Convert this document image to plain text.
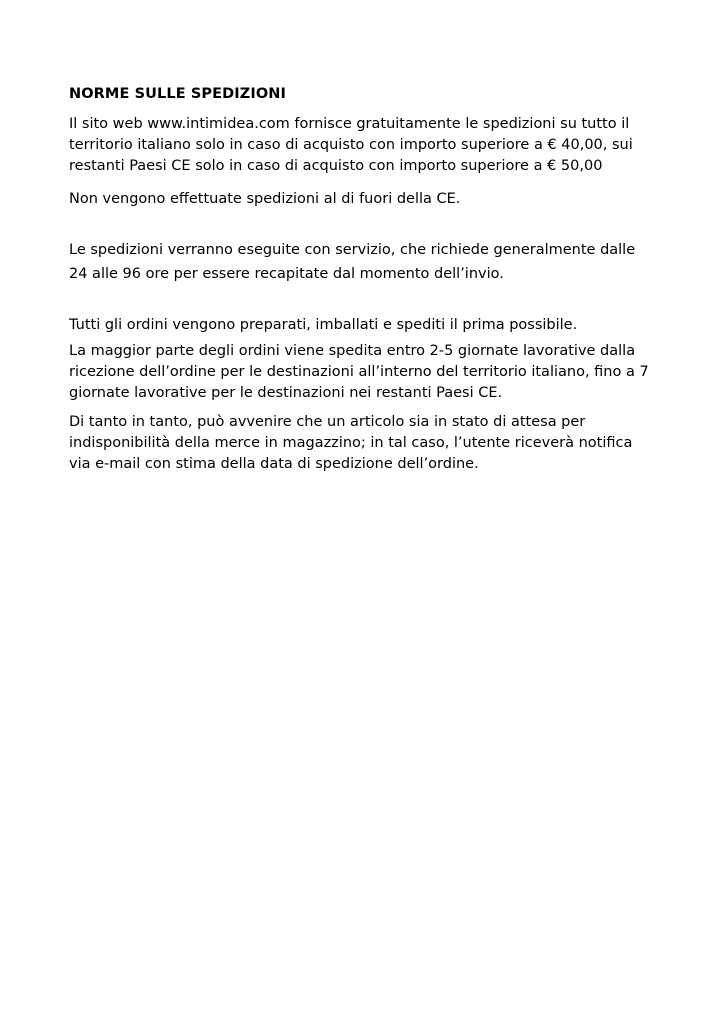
NORME SULLE SPEDIZIONI

Il sito web www.intimidea.com fornisce gratuitamente le spedizioni su tutto il
territorio italiano solo in caso di acquisto con importo superiore a € 40,00, sui
restanti Paesi CE solo in caso di acquisto con importo superiore a € 50,00

Non vengono effettuate spedizioni al di fuori della CE.

Le spedizioni verranno eseguite con servizio, che richiede generalmente dalle

24 alle 96 ore per essere recapitate dal momento dell’invio.

Tutti gli ordini vengono preparati, imballati e spediti il prima possibile.

La maggior parte degli ordini viene spedita entro 2-5 giornate lavorative dalla
ricezione dell’ordine per le destinazioni all’interno del territorio italiano, fino a 7
giornate lavorative per le destinazioni nei restanti Paesi CE.

Di tanto in tanto, può avvenire che un articolo sia in stato di attesa per
indisponibilità della merce in magazzino; in tal caso, l’utente riceverà notifica
via e-mail con stima della data di spedizione dell’ordine.
